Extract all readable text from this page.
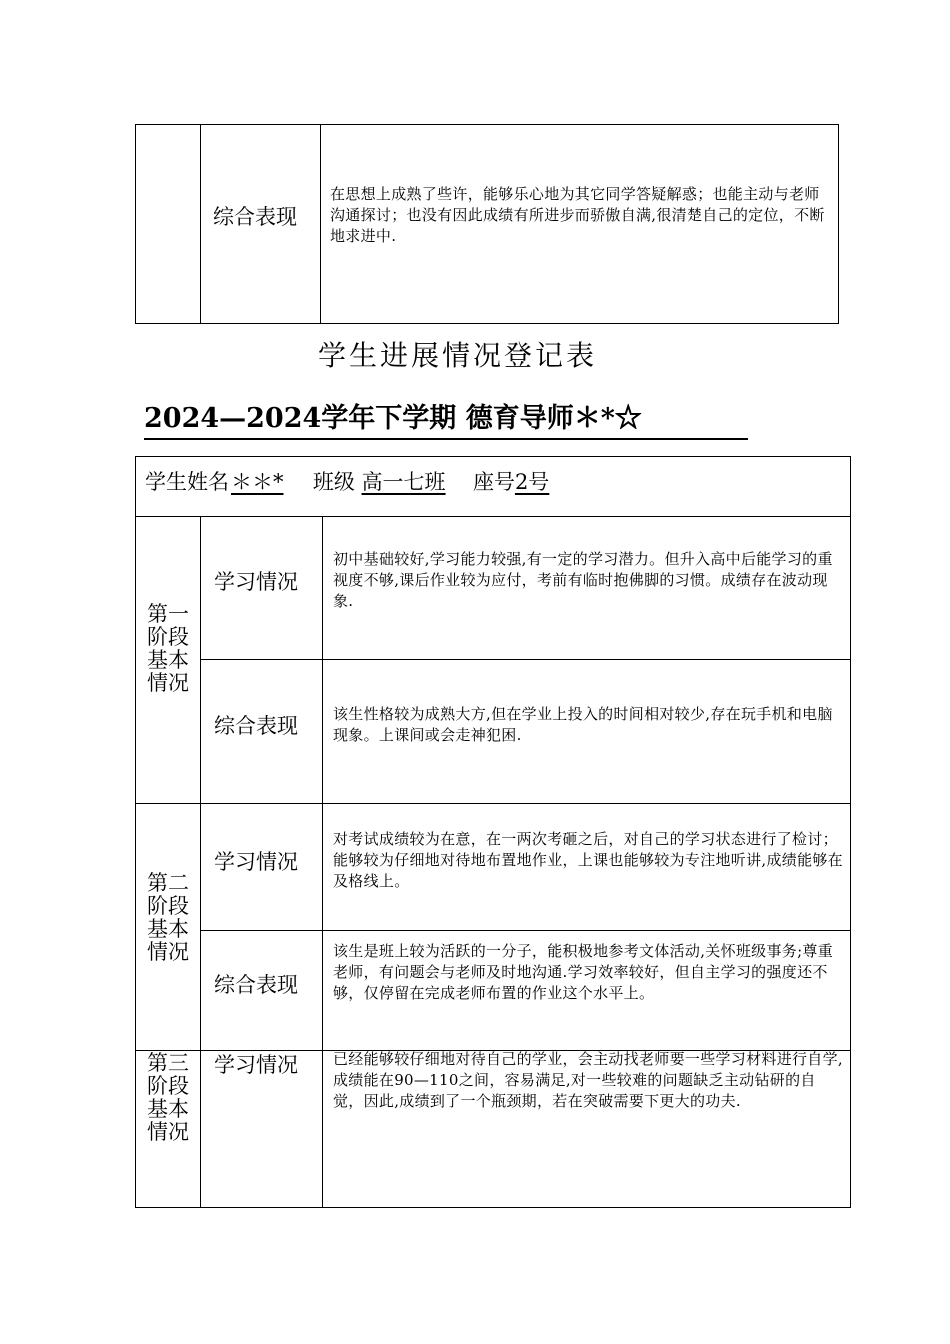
综合表现
在思想上成熟了些许，能够乐心地为其它同学答疑解惑；也能主动与老师沟通探讨；也没有因此成绩有所进步而骄傲自满,很清楚自己的定位，不断地求进中.
学生进展情况登记表
2024—2024学年下学期 德育导师＊*☆
学生姓名＊＊* 班级 高一七班 座号2号
第一阶段基本情况
学习情况
初中基础较好,学习能力较强,有一定的学习潜力。但升入高中后能学习的重视度不够,课后作业较为应付，考前有临时抱佛脚的习惯。成绩存在波动现象.
综合表现 该生性格较为成熟大方,但在学业上投入的时间相对较少,存在玩手机和电脑现象。上课间或会走神犯困.
第二阶段基本情况
学习情况
对考试成绩较为在意，在一两次考砸之后，对自己的学习状态进行了检讨；能够较为仔细地对待地布置地作业，上课也能够较为专注地听讲,成绩能够在及格线上。
综合表现
该生是班上较为活跃的一分子，能积极地参考文体活动,关怀班级事务;尊重老师，有问题会与老师及时地沟通.学习效率较好，但自主学习的强度还不够，仅停留在完成老师布置的作业这个水平上。
第三阶段基本情况
学习情况 已经能够较仔细地对待自己的学业，会主动找老师要一些学习材料进行自学,成绩能在90—110之间，容易满足,对一些较难的问题缺乏主动钻研的自觉，因此,成绩到了一个瓶颈期，若在突破需要下更大的功夫.
